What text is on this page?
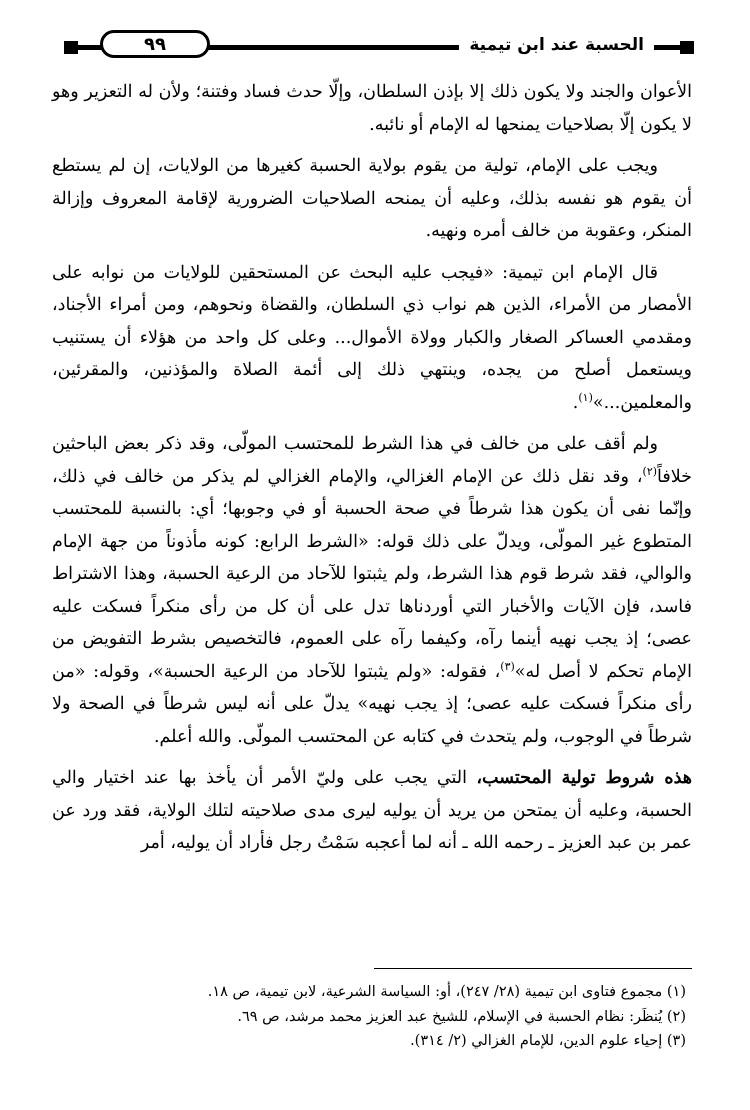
الحسبة عند ابن تيمية
٩٩

الأعوان والجند ولا يكون ذلك إلا بإذن السلطان، وإلّا حدث فساد وفتنة؛ ولأن له التعزير وهو لا يكون إلّا بصلاحيات يمنحها له الإمام أو نائبه.

ويجب على الإمام، تولية من يقوم بولاية الحسبة كغيرها من الولايات، إن لم يستطع أن يقوم هو نفسه بذلك، وعليه أن يمنحه الصلاحيات الضرورية لإقامة المعروف وإزالة المنكر، وعقوبة من خالف أمره ونهيه.

قال الإمام ابن تيمية: «فيجب عليه البحث عن المستحقين للولايات من نوابه على الأمصار من الأمراء، الذين هم نواب ذي السلطان، والقضاة ونحوهم، ومن أمراء الأجناد، ومقدمي العساكر الصغار والكبار وولاة الأموال... وعلى كل واحد من هؤلاء أن يستنيب ويستعمل أصلح من يجده، وينتهي ذلك إلى أئمة الصلاة والمؤذنين، والمقرئين، والمعلمين...»$^{(١)}$.

ولم أقف على من خالف في هذا الشرط للمحتسب المولّى، وقد ذكر بعض الباحثين خلافاً$^{(٢)}$، وقد نقل ذلك عن الإمام الغزالي، والإمام الغزالي لم يذكر من خالف في ذلك، وإنّما نفى أن يكون هذا شرطاً في صحة الحسبة أو في وجوبها؛ أي: بالنسبة للمحتسب المتطوع غير المولّى، ويدلّ على ذلك قوله: «الشرط الرابع: كونه مأذوناً من جهة الإمام والوالي، فقد شرط قوم هذا الشرط، ولم يثبتوا للآحاد من الرعية الحسبة، وهذا الاشتراط فاسد، فإن الآيات والأخبار التي أوردناها تدل على أن كل من رأى منكراً فسكت عليه عصى؛ إذ يجب نهيه أينما رآه، وكيفما رآه على العموم، فالتخصيص بشرط التفويض من الإمام تحكم لا أصل له»$^{(٣)}$، فقوله: «ولم يثبتوا للآحاد من الرعية الحسبة»، وقوله: «من رأى منكراً فسكت عليه عصى؛ إذ يجب نهيه» يدلّ على أنه ليس شرطاً في الصحة ولا شرطاً في الوجوب، ولم يتحدث في كتابه عن المحتسب المولّى. والله أعلم.

هذه شروط تولية المحتسب، التي يجب على وليّ الأمر أن يأخذ بها عند اختيار والي الحسبة، وعليه أن يمتحن من يريد أن يوليه ليرى مدى صلاحيته لتلك الولاية، فقد ورد عن عمر بن عبد العزيز ـ رحمه الله ـ أنه لما أعجبه سَمْتُ رجل فأراد أن يوليه، أمر

(١) مجموع فتاوى ابن تيمية (٢٨/ ٢٤٧)، أو: السياسة الشرعية، لابن تيمية، ص ١٨.

(٢) يُنظَر: نظام الحسبة في الإسلام، للشيخ عبد العزيز محمد مرشد، ص ٦٩.

(٣) إحياء علوم الدين، للإمام الغزالي (٢/ ٣١٤).
